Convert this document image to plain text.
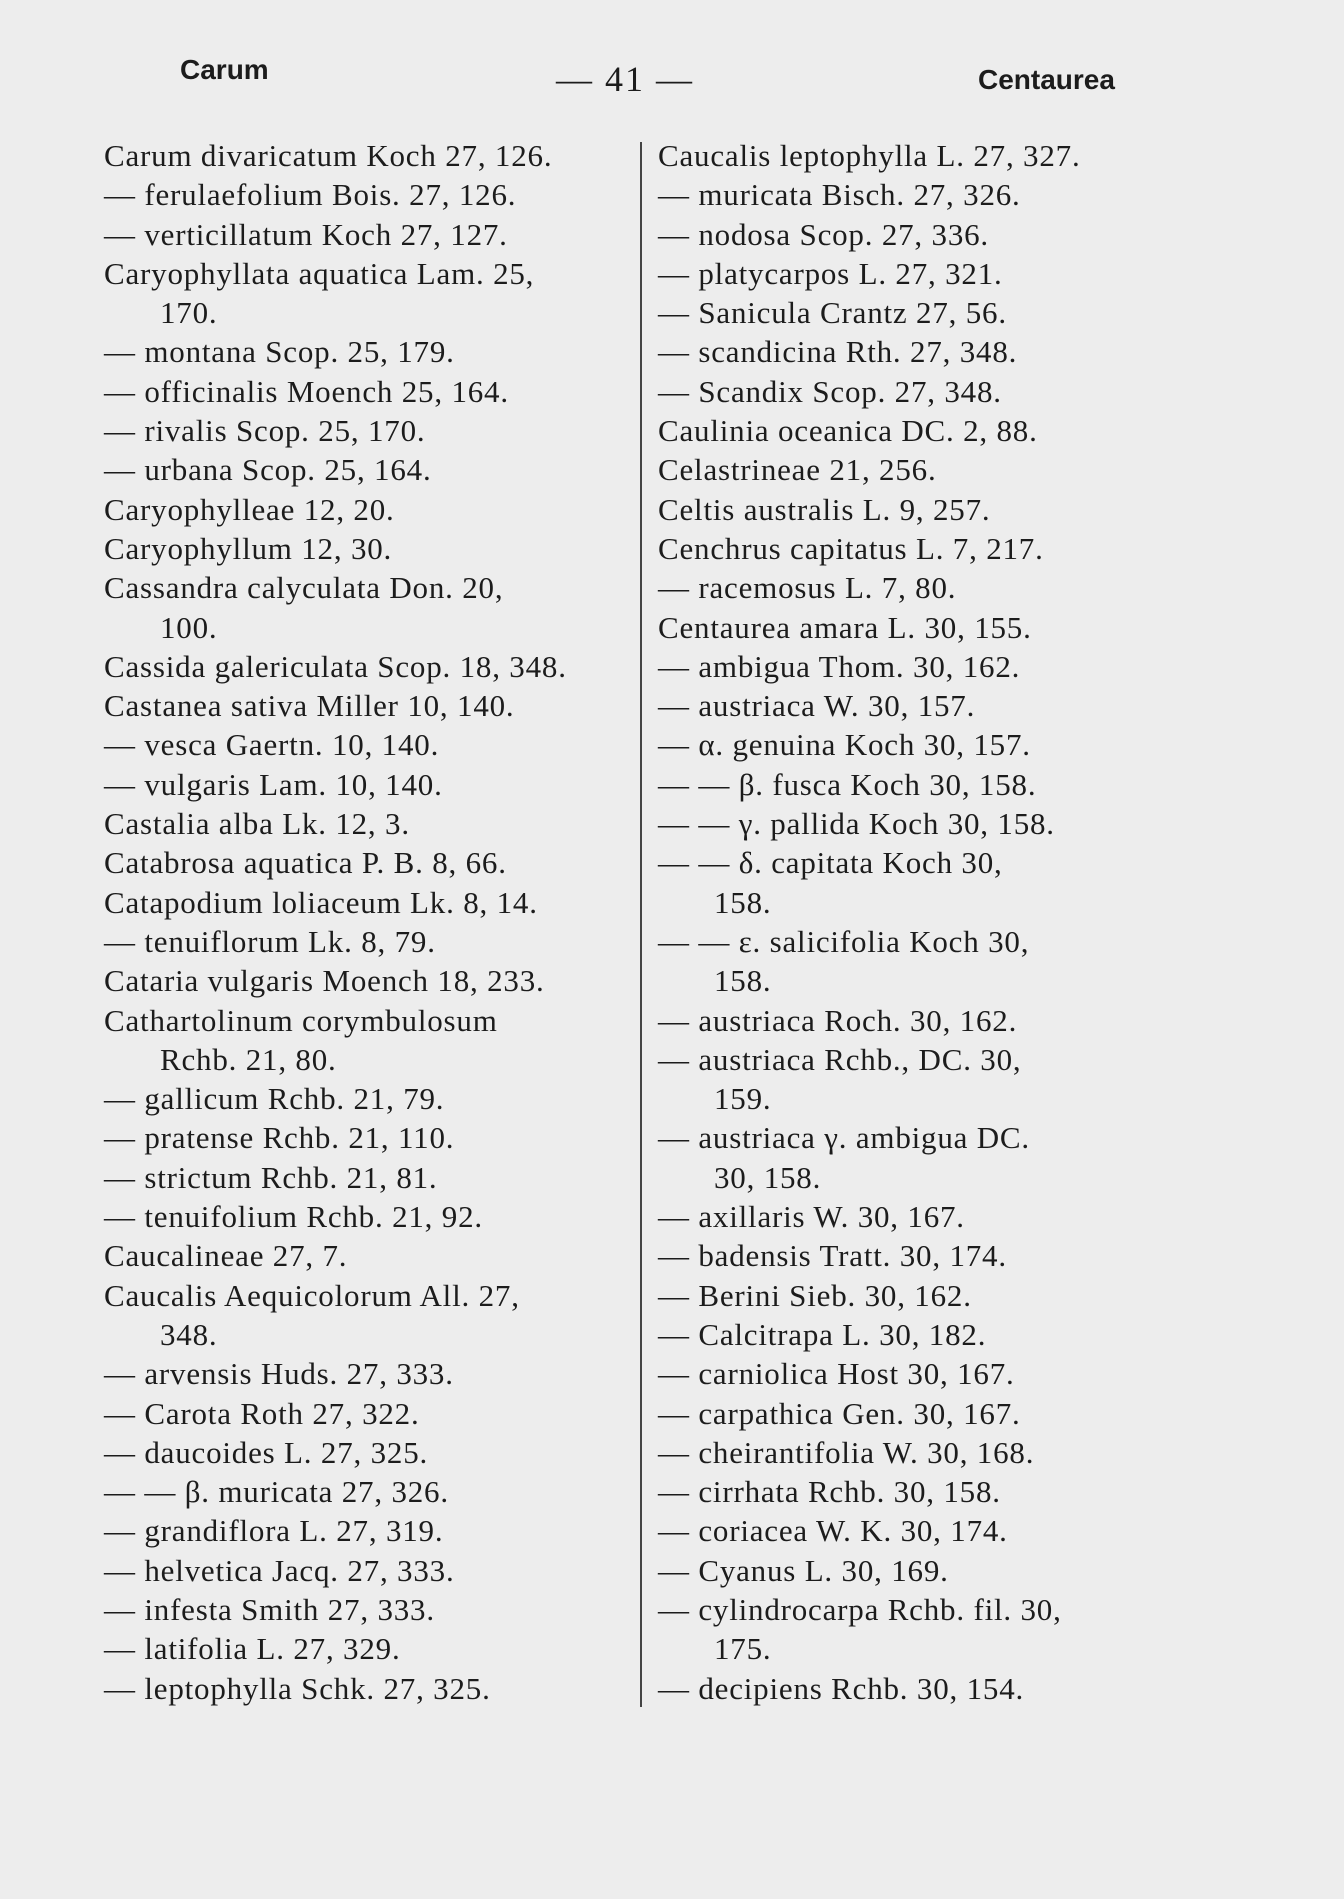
Carum	— 41 —	Centaurea
Carum divaricatum Koch 27, 126.
— ferulaefolium Bois. 27, 126.
— verticillatum Koch 27, 127.
Caryophyllata aquatica Lam. 25,
170.
— montana Scop. 25, 179.
— officinalis Moench 25, 164.
— rivalis Scop. 25, 170.
— urbana Scop. 25, 164.
Caryophylleae 12, 20.
Caryophyllum 12, 30.
Cassandra calyculata Don. 20,
100.
Cassida galericulata Scop. 18, 348.
Castanea sativa Miller 10, 140.
— vesca Gaertn. 10, 140.
— vulgaris Lam. 10, 140.
Castalia alba Lk. 12, 3.
Catabrosa aquatica P. B. 8, 66.
Catapodium loliaceum Lk. 8, 14.
— tenuiflorum Lk. 8, 79.
Cataria vulgaris Moench 18, 233.
Cathartolinum corymbulosum
Rchb. 21, 80.
— gallicum Rchb. 21, 79.
— pratense Rchb. 21, 110.
— strictum Rchb. 21, 81.
— tenuifolium Rchb. 21, 92.
Caucalineae 27, 7.
Caucalis Aequicolorum All. 27,
348.
— arvensis Huds. 27, 333.
— Carota Roth 27, 322.
— daucoides L. 27, 325.
— — β. muricata 27, 326.
— grandiflora L. 27, 319.
— helvetica Jacq. 27, 333.
— infesta Smith 27, 333.
— latifolia L. 27, 329.
— leptophylla Schk. 27, 325.
Caucalis leptophylla L. 27, 327.
— muricata Bisch. 27, 326.
— nodosa Scop. 27, 336.
— platycarpos L. 27, 321.
— Sanicula Crantz 27, 56.
— scandicina Rth. 27, 348.
— Scandix Scop. 27, 348.
Caulinia oceanica DC. 2, 88.
Celastrineae 21, 256.
Celtis australis L. 9, 257.
Cenchrus capitatus L. 7, 217.
— racemosus L. 7, 80.
Centaurea amara L. 30, 155.
— ambigua Thom. 30, 162.
— austriaca W. 30, 157.
— α. genuina Koch 30, 157.
— — β. fusca Koch 30, 158.
— — γ. pallida Koch 30, 158.
— — δ. capitata Koch 30,
158.
— — ε. salicifolia Koch 30,
158.
— austriaca Roch. 30, 162.
— austriaca Rchb., DC. 30,
159.
— austriaca γ. ambigua DC.
30, 158.
— axillaris W. 30, 167.
— badensis Tratt. 30, 174.
— Berini Sieb. 30, 162.
— Calcitrapa L. 30, 182.
— carniolica Host 30, 167.
— carpathica Gen. 30, 167.
— cheirantifolia W. 30, 168.
— cirrhata Rchb. 30, 158.
— coriacea W. K. 30, 174.
— Cyanus L. 30, 169.
— cylindrocarpa Rchb. fil. 30,
175.
— decipiens Rchb. 30, 154.
